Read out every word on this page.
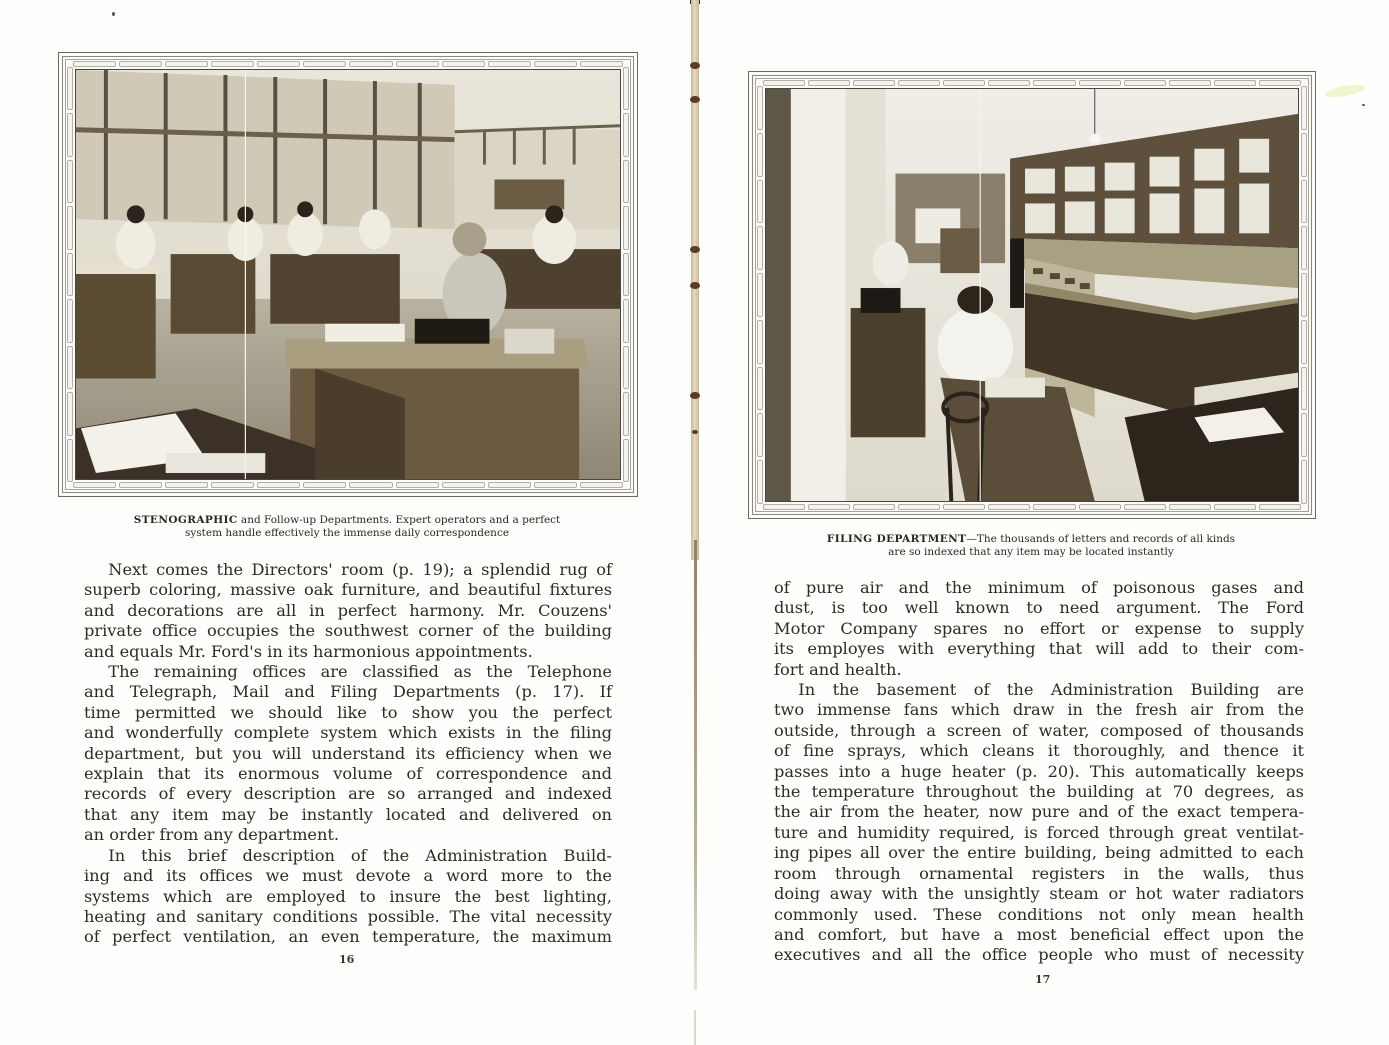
STENOGRAPHIC and Follow-up Departments. Expert operators and a perfect
system handle effectively the immense daily correspondence

Next comes the Directors' room (p. 19); a splendid rug of
superb coloring, massive oak furniture, and beautiful fixtures
and decorations are all in perfect harmony. Mr. Couzens'
private office occupies the southwest corner of the building
and equals Mr. Ford's in its harmonious appointments.

The remaining offices are classified as the Telephone
and Telegraph, Mail and Filing Departments (p. 17). If
time permitted we should like to show you the perfect
and wonderfully complete system which exists in the filing
department, but you will understand its efficiency when we
explain that its enormous volume of correspondence and
records of every description are so arranged and indexed
that any item may be instantly located and delivered on
an order from any department.

In this brief description of the Administration Build-
ing and its offices we must devote a word more to the
systems which are employed to insure the best lighting,
heating and sanitary conditions possible. The vital necessity
of perfect ventilation, an even temperature, the maximum

16
FILING DEPARTMENT—The thousands of letters and records of all kinds
are so indexed that any item may be located instantly

of pure air and the minimum of poisonous gases and
dust, is too well known to need argument. The Ford
Motor Company spares no effort or expense to supply
its employes with everything that will add to their com-
fort and health.

In the basement of the Administration Building are
two immense fans which draw in the fresh air from the
outside, through a screen of water, composed of thousands
of fine sprays, which cleans it thoroughly, and thence it
passes into a huge heater (p. 20). This automatically keeps
the temperature throughout the building at 70 degrees, as
the air from the heater, now pure and of the exact tempera-
ture and humidity required, is forced through great ventilat-
ing pipes all over the entire building, being admitted to each
room through ornamental registers in the walls, thus
doing away with the unsightly steam or hot water radiators
commonly used. These conditions not only mean health
and comfort, but have a most beneficial effect upon the
executives and all the office people who must of necessity

17
